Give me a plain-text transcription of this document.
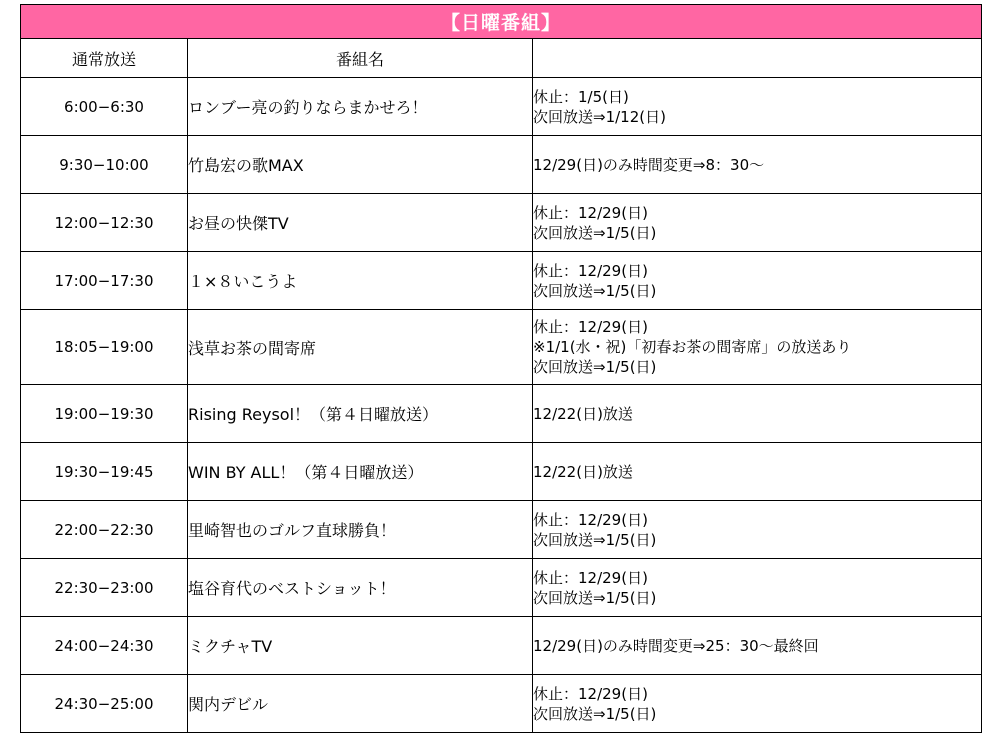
【日曜番組】		
通常放送	番組名	
6:00−6:30	ロンブー亮の釣りならまかせろ！	休止：1/5(日)
次回放送⇒1/12(日)

9:30−10:00	竹島宏の歌MAX	12/29(日)のみ時間変更⇒8：30〜

12:00−12:30	お昼の快傑TV	休止：12/29(日)
次回放送⇒1/5(日)

17:00−17:30	１×８いこうよ	休止：12/29(日)
次回放送⇒1/5(日)

18:05−19:00	浅草お茶の間寄席	休止：12/29(日)
※1/1(水・祝)「初春お茶の間寄席」の放送あり
次回放送⇒1/5(日)

19:00−19:30	Rising Reysol！（第４日曜放送）	12/22(日)放送

19:30−19:45	WIN BY ALL！（第４日曜放送）	12/22(日)放送

22:00−22:30	里崎智也のゴルフ直球勝負！	休止：12/29(日)
次回放送⇒1/5(日)

22:30−23:00	塩谷育代のベストショット！	休止：12/29(日)
次回放送⇒1/5(日)

24:00−24:30	ミクチャTV	12/29(日)のみ時間変更⇒25：30〜最終回

24:30−25:00	関内デビル	休止：12/29(日)
次回放送⇒1/5(日)
